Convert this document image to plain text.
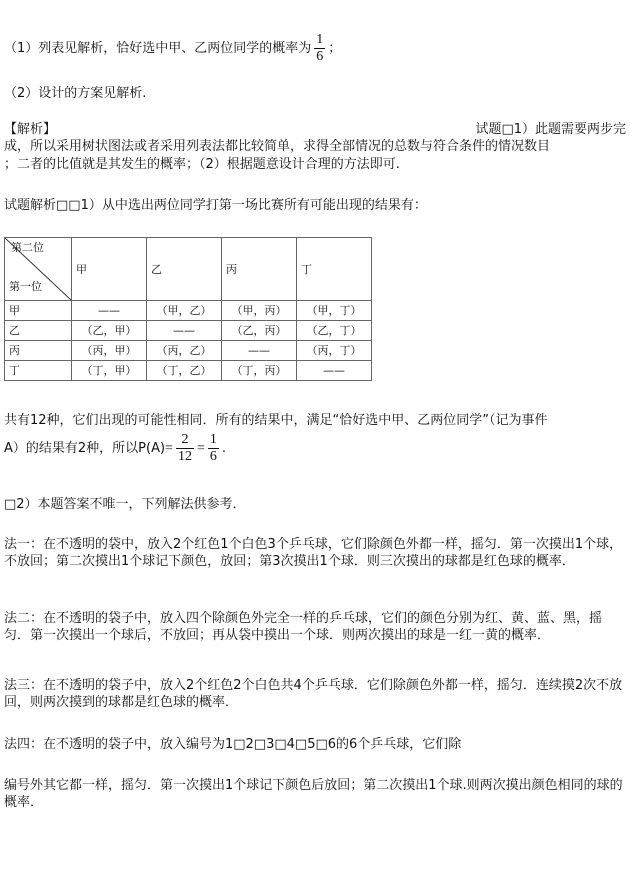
（1）列表见解析，恰好选中甲、乙两位同学的概率为 $\frac{1}{6}$ ；
（2）设计的方案见解析.
【解析】	试题□1）此题需要两步完
成，所以采用树状图法或者采用列表法都比较简单，求得全部情况的总数与符合条件的情况数目
；二者的比值就是其发生的概率；（2）根据题意设计合理的方法即可.
试题解析□□1）从中选出两位同学打第一场比赛所有可能出现的结果有：
第二位
第一位	甲	乙	丙	丁
甲	——	（甲，乙）	（甲，丙）	（甲，丁）
乙	（乙，甲）	——	（乙，丙）	（乙，丁）
丙	（丙，甲）	（丙，乙）	——	（丙，丁）
丁	（丁，甲）	（丁，乙）	（丁，丙）	——
共有12种，它们出现的可能性相同．所有的结果中，满足“恰好选中甲、乙两位同学”（记为事件
A）的结果有2种，所以$P(A)= \frac{2}{12} = \frac{1}{6}$ .
□2）本题答案不唯一，下列解法供参考．
法一：在不透明的袋中，放入2个红色1个白色3个乒乓球，它们除颜色外都一样，摇匀．第一次摸出1个球，不放回；第二次摸出1个球记下颜色，放回；第3次摸出1个球．则三次摸出的球都是红色球的概率．
法二：在不透明的袋子中，放入四个除颜色外完全一样的乒乓球，它们的颜色分别为红、黄、蓝、黑，摇匀．第一次摸出一个球后，不放回；再从袋中摸出一个球．则两次摸出的球是一红一黄的概率．
法三：在不透明的袋子中，放入2个红色2个白色共4个乒乓球．它们除颜色外都一样，摇匀．连续摸2次不放回，则两次摸到的球都是红色球的概率．
法四：在不透明的袋子中，放入编号为1□2□3□4□5□6的6个乒乓球，它们除
编号外其它都一样，摇匀．第一次摸出1个球记下颜色后放回；第二次摸出1个球.则两次摸出颜色相同的球的概率．
